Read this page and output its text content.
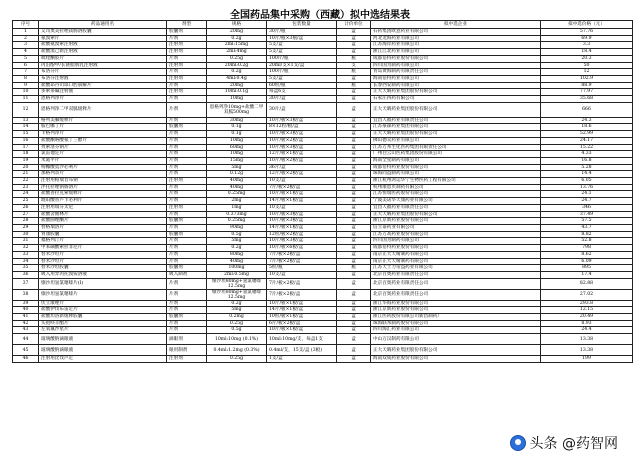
全国药品集中采购（西藏）拟中选结果表
序号	药品通用名	剂型	规格	包装数量	计价单位	拟中选企业	拟中选价格（元）
1	艾司奥美拉唑镁肠溶胶囊	胶囊剂	20mg	30片/瓶	盒	石药集团欧意药业有限公司	57.76
2	氨溴索片	片剂	0.2g	10片/瓶×3瓶/盒	盒	河北龙海药业有限公司	69.9
3	盐酸氨溴索注射液	注射剂	2ml:15mg	5支/盒	盒	江苏海岸药业有限公司	3.3
4	盐酸溴己新注射液	注射剂	2ml:4mg	5支/盒	盒	浙江江北药业有限公司	18.4
5	吡喹酮胶片	片剂	0.25g	100片/瓶	瓶	成都倍特药业股份有限公司	20.3
6	丙泊酚中/长链脂肪乳注射液	注射剂	20ml:0.2g	20ml/支×1支/盒	支	四川国为制药有限公司	50
7	布洛芬片	片剂	0.2g	100片/瓶	瓶	青岛黄海制药有限责任公司	12
8	布洛芬注射液	注射剂	4ml:0.4g	5支/盒	盒	海南倍特药业有限公司	102.9
9	盐酸昂丹司琼口腔崩解片	片剂	20mg	60粒/瓶	瓶	长春西安制药有限公司	88.9
10	多索茶碱注射液	注射剂	10ml:0.1g	每盒6支	盒	正大天晴药业集团股份有限公司	77.97
11	恩格列净片	片剂	10mg	30片/盒	盒	石家庄四药有限公司	35.68
12	恩格列净二甲双胍缓释片	片剂	恩格列净10mg+盐酸二甲双胍500mg	30片/盒	盒	正大天晴药业集团股份有限公司	666
13	格列美脲缓释片	片剂	30mg	10片/板×3板/盒	盒	宜昌人福药业有限责任公司	24.3
14	胺巴哪丁片	胶囊剂	0.1g	8×12粒/板/盒	盒	江苏豪森药业集团有限公司	18.6
15	卡格列净片	片剂	0.1g	10片/板×3板/盒	盒	正大天晴药业集团股份有限公司	52.99
16	盐酸酮咯酸氨丁三醇片	片剂	10mg	10片/板×2板/盒	盒	佛山德众药业有限公司	24.17
17	孜索洛芬钠片	片剂	60mg	10片/板×3板/盒	盒	江苏万邦生化医药集团有限责任公司	15.22
18	氯雷他定片	片剂	10mg	12片/板×1板/盒	盒	广州白云山医药集团股份有限公司	4.33
19	米氮平片	片剂	15mg	10片/板×2板/盒	盒	海南全星制药有限公司	16.8
20	枸橼酸莫沙必利片	片剂	5mg	36片/盒	盒	成都倍特药业股份有限公司	5.28
21	那格列奈片	片剂	0.12g	12片/板×2板/盒	盒	珠海同益制药有限公司	14.4
22	注射用帕瑞昔布钠	注射剂	40mg	10支/盒	盒	浙江杭州鸿运华宁生物医药工程有限公司	6.05
23	泮托拉唑钠肠溶片	片剂	40mg	7片/板×2板/盒	盒	杭州康恩贝制药有限公司	13.76
24	盐酸普拉克索缓释片	片剂	0.25mg	10片/板×1板/盒	盒	江苏恒瑞医药股份有限公司	24.1
25	琥珀酸普芦卡必利片	片剂	2mg	14片/板×1板/盒	盒	宁波美诺华天康药业有限公司	24.7
26	注射用瑞芬太尼	注射剂	1mg	10支/盒	盒	宜昌人福药业有限责任公司	346
27	盐酸舍曲林片	片剂	0.373mg	10片/板×3板/盒	盒	正大天晴药业集团股份有限公司	37.49
28	盐酸曲唑酮片	胶囊剂	0.25mg	10片/板×3板/盒	盒	浙江京新药业股份有限公司	57.5
29	替格瑞洛片	片剂	90mg	14片/板×1板/盒	盒	信立泰药业有限公司	43.7
30	胃康胶囊	胶囊剂	0.5g	12粒/板×2板/盒	盒	江苏万高药业股份有限公司	8.82
31	福格列汀片	片剂	5mg	10片/板×3板/盒	盒	四川国为制药有限公司	52.8
32	甲苯磺酸索拉非尼片	片剂	0.2g	10片/板×6板/盒	盒	成都倍特药业股份有限公司	798
33	替米沙坦片	片剂	80mg	7片/板×2板/盒	盒	南京正大天晴制药有限公司	8.62
34	替米沙坦片	片剂	40mg	7片/板×2板/盒	盒	南京正大天晴制药有限公司	6.09
35	替米沙坦胶囊	胶囊剂	100mg	5粒/瓶	瓶	江苏天士力帝益药业有限公司	895
36	吸入用异丙托溴铵溶液	吸入制剂	2ml:0.5mg	10支/盒	盒	北京百奥药业有限责任公司	17.4
37	缬沙坦氢氯噻嗪片(Ⅰ)	片剂	缬沙坦80mg+氢氯噻嗪12.5mg	7片/板×2板/盒	盒	北京百奥药业有限责任公司	82.88
38	缬沙坦氢氯噻嗪片	片剂	缬沙坦80mg+氢氯噻嗪12.5mg	7片/板×2板/盒	盒	北京百奥药业有限责任公司	27.02
39	伏立康唑片	片剂	0.2g	10片/板×1板/盒	盒	浙江华海药业股份有限公司	293.8
40	盐酸伊伐布雷定片	片剂	5mg	14片/板×1板/盒	盒	浙江京新药业股份有限公司	12.15
41	盐酸坦洛新缓释胶囊	胶囊剂	0.2mg	10粒/板×1板/盒	盒	浙江医药股份有限公司新昌制药厂	20.49
42	头孢呋辛酯片	片剂	0.25g	6片/板×2板/盒	盒	珠海联邦制药股份有限公司	8.93
43	左氧氟沙星片	片剂	0.5g	10片/板×1板/盒	盒	四川海汇药业有限公司	24.4
44	玻璃酸钠滴眼液	滴眼剂	10ml:10mg (0.1%)	10ml:10mg/支，每盒1支	盒	中山万汉制药有限公司	13.38
45	玻璃酸钠滴眼液	眼用制剂	0.4ml:1.2mg (0.3%)	0.4ml/支，15支/盒 (3板)	盒	正大天晴药业集团股份有限公司	13.38
46	注射用比伐卢定	注射剂	0.25g	1支/盒	盒	海南双成药业股份有限公司	199
头条 @药智网
